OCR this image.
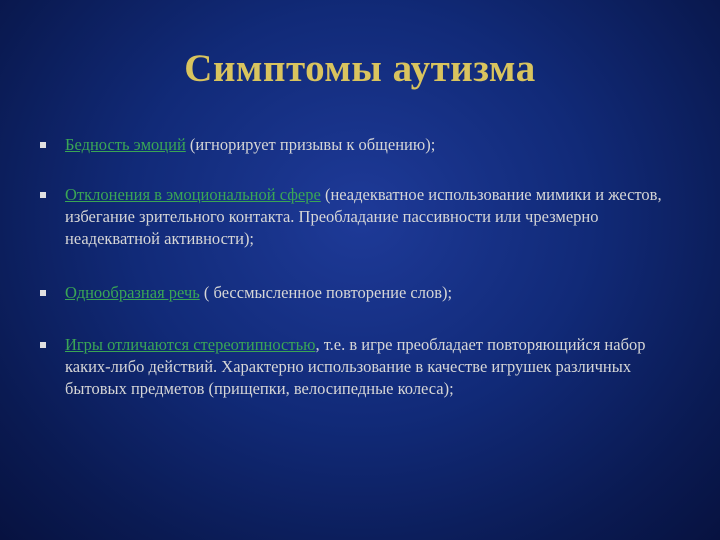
Симптомы аутизма
Бедность эмоций (игнорирует призывы к общению);
Отклонения в эмоциональной сфере (неадекватное использование мимики и жестов, избегание зрительного контакта. Преобладание пассивности или чрезмерно неадекватной активности);
Однообразная речь ( бессмысленное повторение слов);
Игры отличаются стереотипностью, т.е. в игре преобладает повторяющийся набор каких-либо действий. Характерно использование в качестве игрушек различных бытовых предметов (прищепки, велосипедные колеса);
